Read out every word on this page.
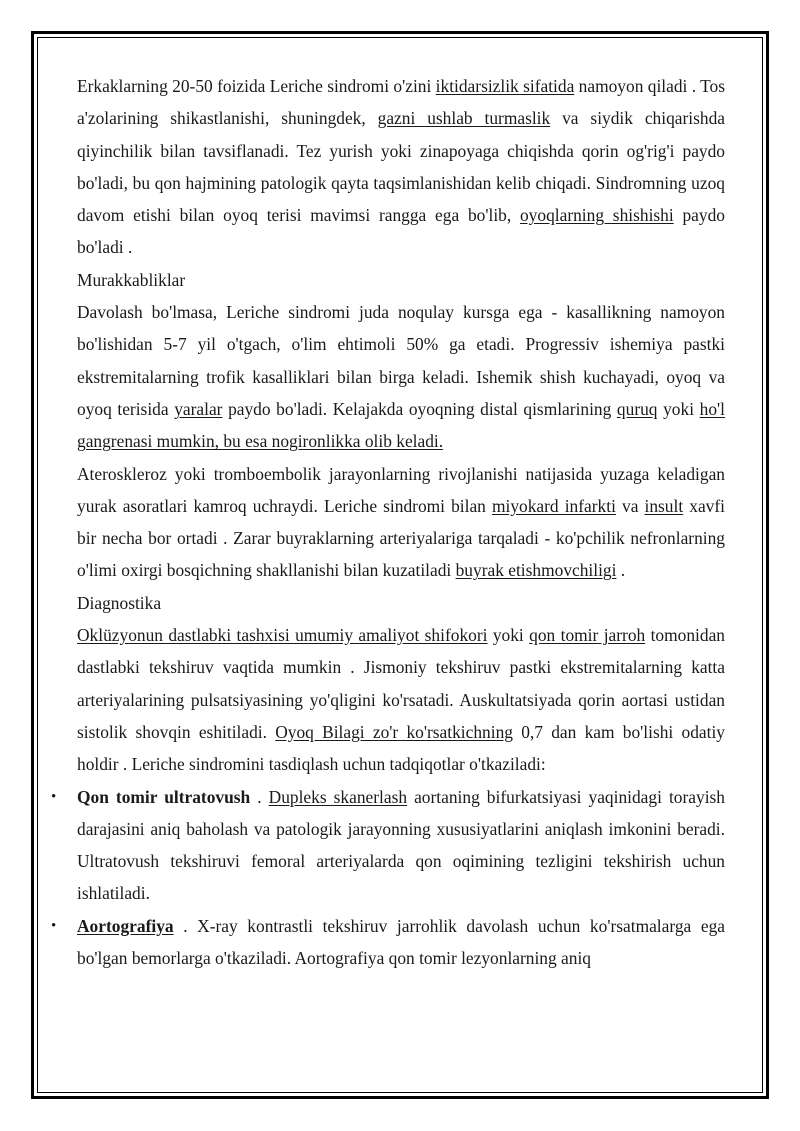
Erkaklarning 20-50 foizida Leriche sindromi o'zini iktidarsizlik sifatida namoyon qiladi . Tos a'zolarining shikastlanishi, shuningdek, gazni ushlab turmaslik va siydik chiqarishda qiyinchilik bilan tavsiflanadi. Tez yurish yoki zinapoyaga chiqishda qorin og'rig'i paydo bo'ladi, bu qon hajmining patologik qayta taqsimlanishidan kelib chiqadi. Sindromning uzoq davom etishi bilan oyoq terisi mavimsi rangga ega bo'lib, oyoqlarning shishishi paydo bo'ladi .

Murakkabliklar

Davolash bo'lmasa, Leriche sindromi juda noqulay kursga ega - kasallikning namoyon bo'lishidan 5-7 yil o'tgach, o'lim ehtimoli 50% ga etadi. Progressiv ishemiya pastki ekstremitalarning trofik kasalliklari bilan birga keladi. Ishemik shish kuchayadi, oyoq va oyoq terisida yaralar paydo bo'ladi. Kelajakda oyoqning distal qismlarining quruq yoki ho'l gangrenasi mumkin, bu esa nogironlikka olib keladi.

Ateroskleroz yoki tromboembolik jarayonlarning rivojlanishi natijasida yuzaga keladigan yurak asoratlari kamroq uchraydi. Leriche sindromi bilan miyokard infarkti va insult xavfi bir necha bor ortadi . Zarar buyraklarning arteriyalariga tarqaladi - ko'pchilik nefronlarning o'limi oxirgi bosqichning shakllanishi bilan kuzatiladi buyrak etishmovchiligi .

Diagnostika

Oklüzyonun dastlabki tashxisi umumiy amaliyot shifokori yoki qon tomir jarroh tomonidan dastlabki tekshiruv vaqtida mumkin . Jismoniy tekshiruv pastki ekstremitalarning katta arteriyalarining pulsatsiyasining yo'qligini ko'rsatadi. Auskultatsiyada qorin aortasi ustidan sistolik shovqin eshitiladi. Oyoq Bilagi zo'r ko'rsatkichning 0,7 dan kam bo'lishi odatiy holdir . Leriche sindromini tasdiqlash uchun tadqiqotlar o'tkaziladi:

• Qon tomir ultratovush . Dupleks skanerlash aortaning bifurkatsiyasi yaqinidagi torayish darajasini aniq baholash va patologik jarayonning xususiyatlarini aniqlash imkonini beradi. Ultratovush tekshiruvi femoral arteriyalarda qon oqimining tezligini tekshirish uchun ishlatiladi.
• Aortografiya . X-ray kontrastli tekshiruv jarrohlik davolash uchun ko'rsatmalarga ega bo'lgan bemorlarga o'tkaziladi. Aortografiya qon tomir lezyonlarning aniq
